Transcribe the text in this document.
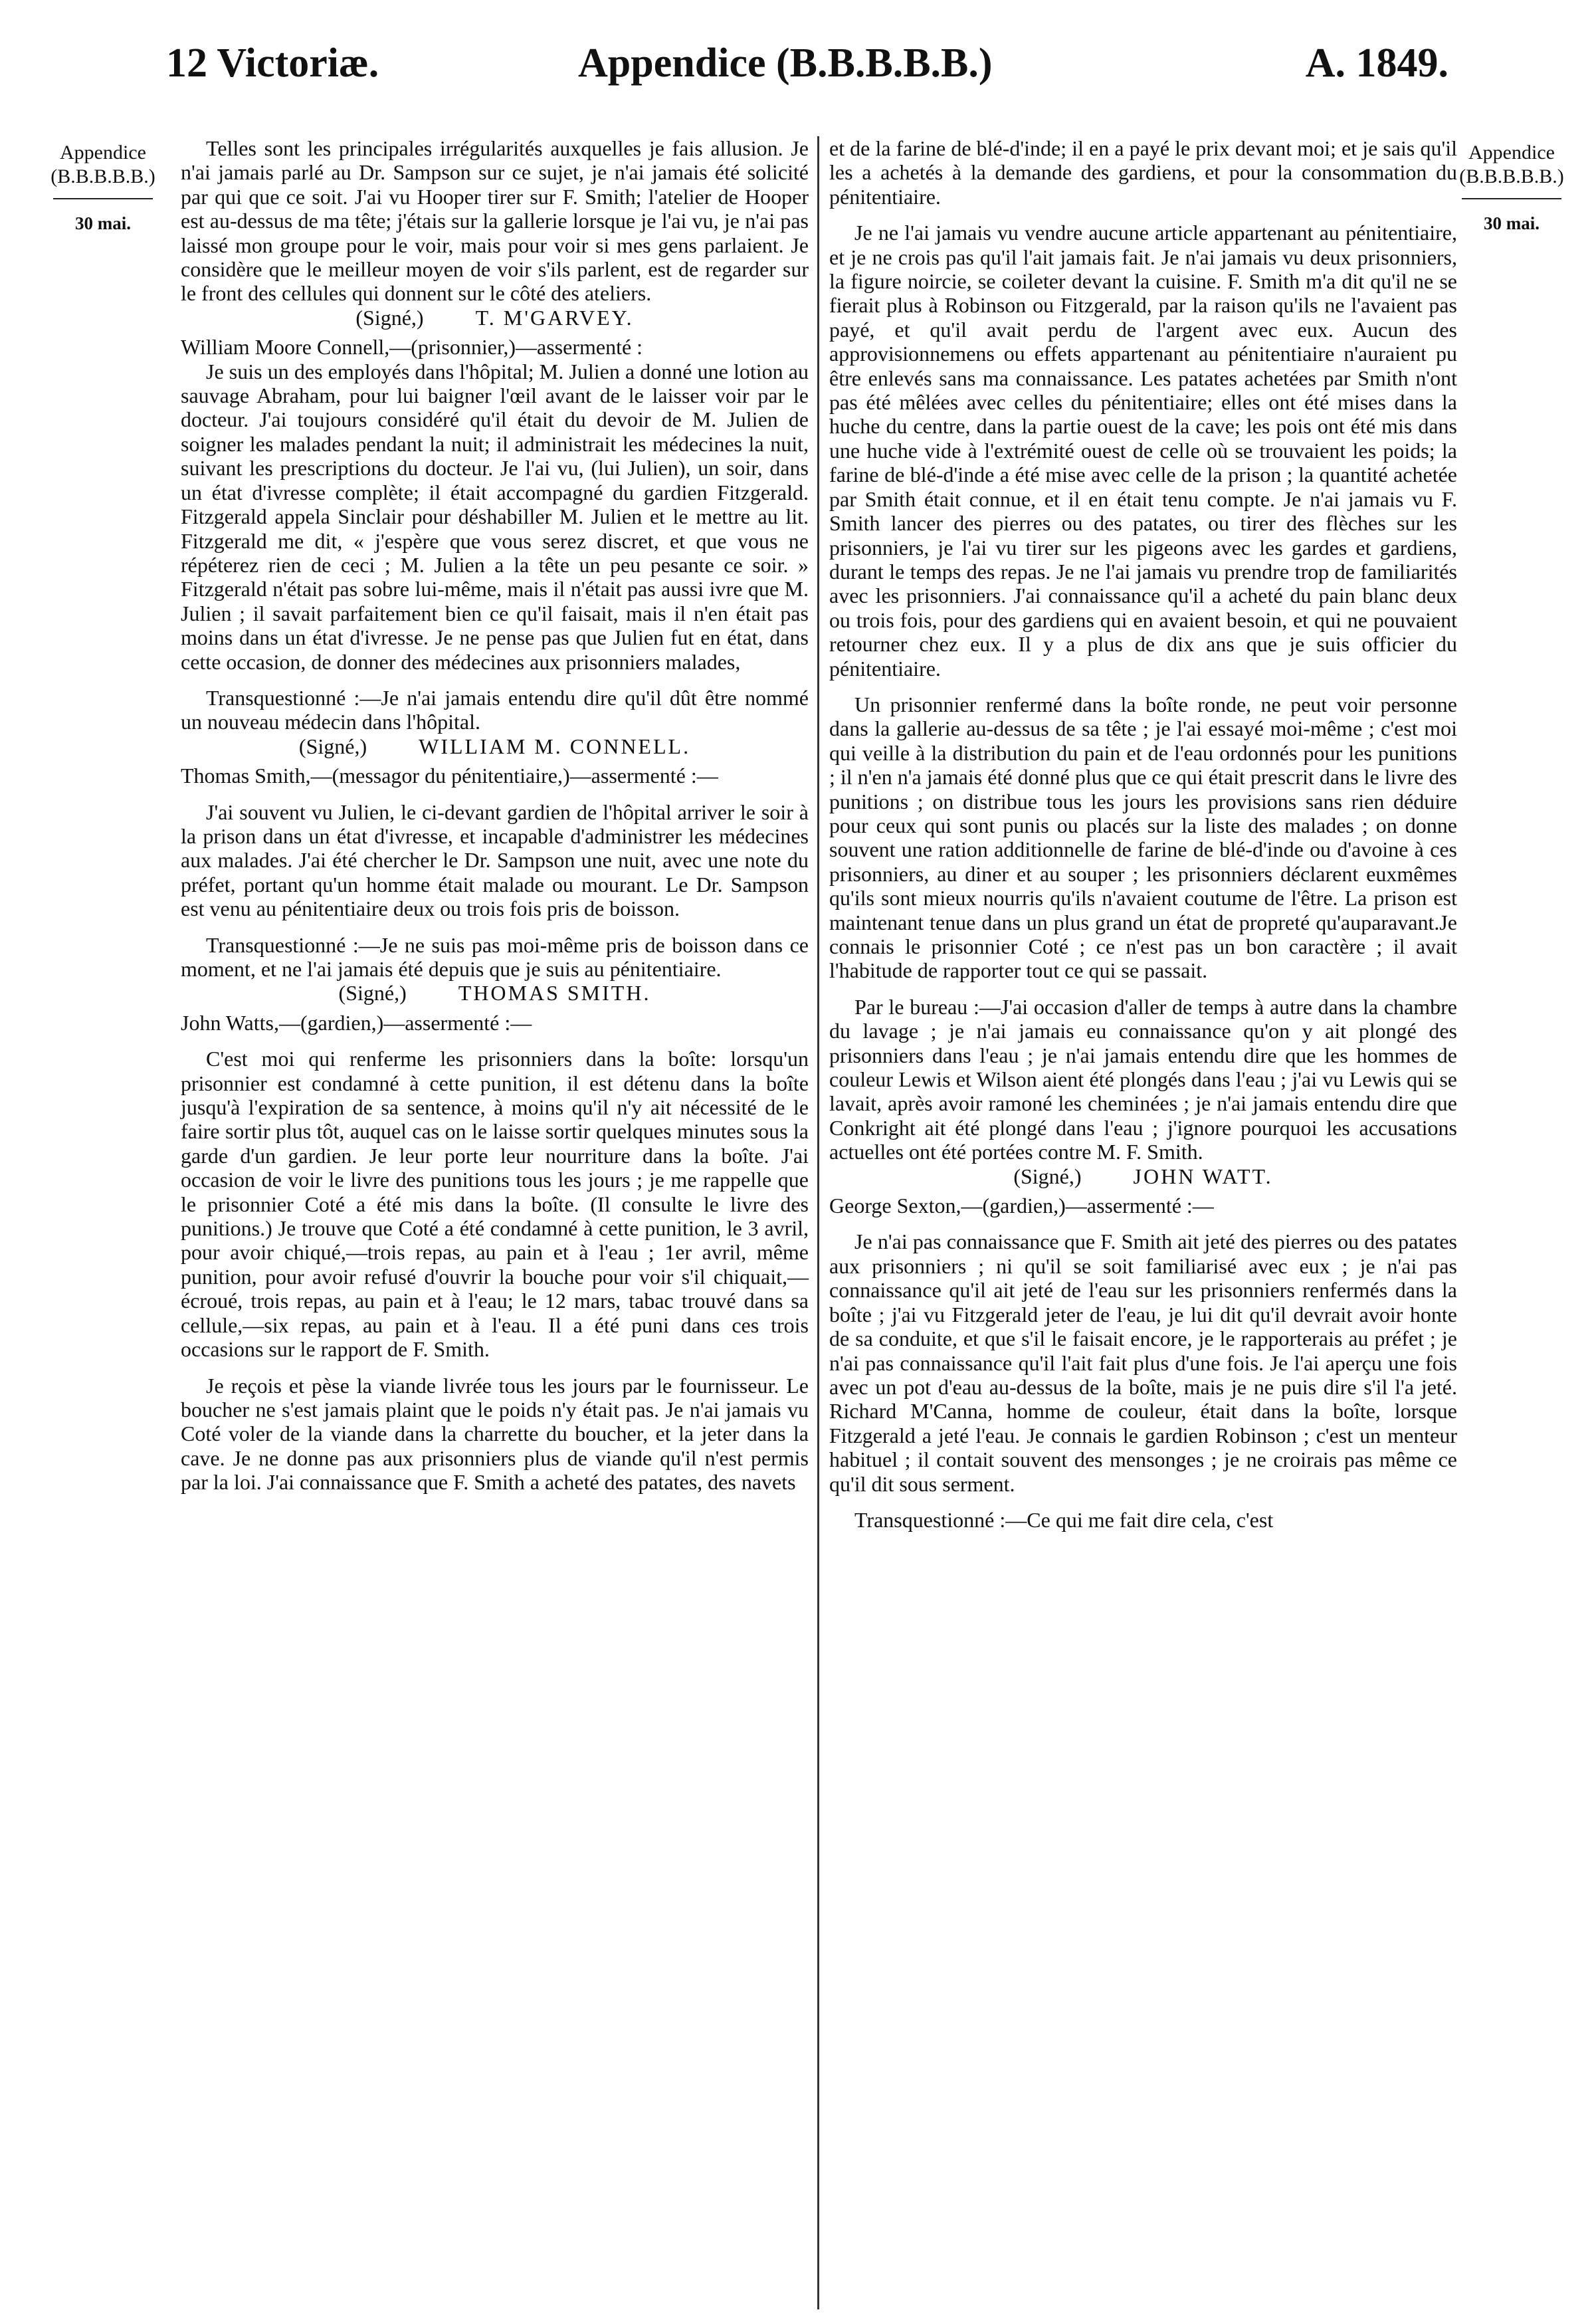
12 Victoriæ.	Appendice (B.B.B.B.B.)	A. 1849.
Appendice
(B.B.B.B.B.)
30 mai.
Appendice
(B.B.B.B.B.)
30 mai.

Telles sont les principales irrégularités auxquelles je fais allusion. Je n'ai jamais parlé au Dr. Sampson sur ce sujet, je n'ai jamais été solicité par qui que ce soit. J'ai vu Hooper tirer sur F. Smith; l'atelier de Hooper est au-dessus de ma tête; j'étais sur la gallerie lorsque je l'ai vu, je n'ai pas laissé mon groupe pour le voir, mais pour voir si mes gens parlaient. Je considère que le meilleur moyen de voir s'ils parlent, est de regarder sur le front des cellules qui donnent sur le côté des ateliers.

(Signé,) T. M'GARVEY.

William Moore Connell,—(prisonnier,)—assermenté :

Je suis un des employés dans l'hôpital; M. Julien a donné une lotion au sauvage Abraham, pour lui baigner l'œil avant de le laisser voir par le docteur. J'ai toujours considéré qu'il était du devoir de M. Julien de soigner les malades pendant la nuit; il administrait les médecines la nuit, suivant les prescriptions du docteur. Je l'ai vu, (lui Julien), un soir, dans un état d'ivresse complète; il était accompagné du gardien Fitzgerald. Fitzgerald appela Sinclair pour déshabiller M. Julien et le mettre au lit. Fitzgerald me dit, « j'espère que vous serez discret, et que vous ne répéterez rien de ceci ; M. Julien a la tête un peu pesante ce soir. » Fitzgerald n'était pas sobre lui-même, mais il n'était pas aussi ivre que M. Julien ; il savait parfaitement bien ce qu'il faisait, mais il n'en était pas moins dans un état d'ivresse. Je ne pense pas que Julien fut en état, dans cette occasion, de donner des médecines aux prisonniers malades,

Transquestionné :—Je n'ai jamais entendu dire qu'il dût être nommé un nouveau médecin dans l'hôpital.

(Signé,) WILLIAM M. CONNELL.

Thomas Smith,—(messagor du pénitentiaire,)—assermenté :—

J'ai souvent vu Julien, le ci-devant gardien de l'hôpital arriver le soir à la prison dans un état d'ivresse, et incapable d'administrer les médecines aux malades. J'ai été chercher le Dr. Sampson une nuit, avec une note du préfet, portant qu'un homme était malade ou mourant. Le Dr. Sampson est venu au pénitentiaire deux ou trois fois pris de boisson.

Transquestionné :—Je ne suis pas moi-même pris de boisson dans ce moment, et ne l'ai jamais été depuis que je suis au pénitentiaire.

(Signé,) THOMAS SMITH.

John Watts,—(gardien,)—assermenté :—

C'est moi qui renferme les prisonniers dans la boîte: lorsqu'un prisonnier est condamné à cette punition, il est détenu dans la boîte jusqu'à l'expiration de sa sentence, à moins qu'il n'y ait nécessité de le faire sortir plus tôt, auquel cas on le laisse sortir quelques minutes sous la garde d'un gardien. Je leur porte leur nourriture dans la boîte. J'ai occasion de voir le livre des punitions tous les jours ; je me rappelle que le prisonnier Coté a été mis dans la boîte. (Il consulte le livre des punitions.) Je trouve que Coté a été condamné à cette punition, le 3 avril, pour avoir chiqué,—trois repas, au pain et à l'eau ; 1er avril, même punition, pour avoir refusé d'ouvrir la bouche pour voir s'il chiquait,—écroué, trois repas, au pain et à l'eau; le 12 mars, tabac trouvé dans sa cellule,—six repas, au pain et à l'eau. Il a été puni dans ces trois occasions sur le rapport de F. Smith.

Je reçois et pèse la viande livrée tous les jours par le fournisseur. Le boucher ne s'est jamais plaint que le poids n'y était pas. Je n'ai jamais vu Coté voler de la viande dans la charrette du boucher, et la jeter dans la cave. Je ne donne pas aux prisonniers plus de viande qu'il n'est permis par la loi. J'ai connaissance que F. Smith a acheté des patates, des navets

et de la farine de blé-d'inde; il en a payé le prix devant moi; et je sais qu'il les a achetés à la demande des gardiens, et pour la consommation du pénitentiaire.

Je ne l'ai jamais vu vendre aucune article appartenant au pénitentiaire, et je ne crois pas qu'il l'ait jamais fait. Je n'ai jamais vu deux prisonniers, la figure noircie, se coileter devant la cuisine. F. Smith m'a dit qu'il ne se fierait plus à Robinson ou Fitzgerald, par la raison qu'ils ne l'avaient pas payé, et qu'il avait perdu de l'argent avec eux. Aucun des approvisionnemens ou effets appartenant au pénitentiaire n'auraient pu être enlevés sans ma connaissance. Les patates achetées par Smith n'ont pas été mêlées avec celles du pénitentiaire; elles ont été mises dans la huche du centre, dans la partie ouest de la cave; les pois ont été mis dans une huche vide à l'extrémité ouest de celle où se trouvaient les poids; la farine de blé-d'inde a été mise avec celle de la prison ; la quantité achetée par Smith était connue, et il en était tenu compte. Je n'ai jamais vu F. Smith lancer des pierres ou des patates, ou tirer des flèches sur les prisonniers, je l'ai vu tirer sur les pigeons avec les gardes et gardiens, durant le temps des repas. Je ne l'ai jamais vu prendre trop de familiarités avec les prisonniers. J'ai connaissance qu'il a acheté du pain blanc deux ou trois fois, pour des gardiens qui en avaient besoin, et qui ne pouvaient retourner chez eux. Il y a plus de dix ans que je suis officier du pénitentiaire.

Un prisonnier renfermé dans la boîte ronde, ne peut voir personne dans la gallerie au-dessus de sa tête ; je l'ai essayé moi-même ; c'est moi qui veille à la distribution du pain et de l'eau ordonnés pour les punitions ; il n'en n'a jamais été donné plus que ce qui était prescrit dans le livre des punitions ; on distribue tous les jours les provisions sans rien déduire pour ceux qui sont punis ou placés sur la liste des malades ; on donne souvent une ration additionnelle de farine de blé-d'inde ou d'avoine à ces prisonniers, au diner et au souper ; les prisonniers déclarent euxmêmes qu'ils sont mieux nourris qu'ils n'avaient coutume de l'être. La prison est maintenant tenue dans un plus grand un état de propreté qu'auparavant.Je connais le prisonnier Coté ; ce n'est pas un bon caractère ; il avait l'habitude de rapporter tout ce qui se passait.

Par le bureau :—J'ai occasion d'aller de temps à autre dans la chambre du lavage ; je n'ai jamais eu connaissance qu'on y ait plongé des prisonniers dans l'eau ; je n'ai jamais entendu dire que les hommes de couleur Lewis et Wilson aient été plongés dans l'eau ; j'ai vu Lewis qui se lavait, après avoir ramoné les cheminées ; je n'ai jamais entendu dire que Conkright ait été plongé dans l'eau ; j'ignore pourquoi les accusations actuelles ont été portées contre M. F. Smith.

(Signé,) JOHN WATT.

George Sexton,—(gardien,)—assermenté :—

Je n'ai pas connaissance que F. Smith ait jeté des pierres ou des patates aux prisonniers ; ni qu'il se soit familiarisé avec eux ; je n'ai pas connaissance qu'il ait jeté de l'eau sur les prisonniers renfermés dans la boîte ; j'ai vu Fitzgerald jeter de l'eau, je lui dit qu'il devrait avoir honte de sa conduite, et que s'il le faisait encore, je le rapporterais au préfet ; je n'ai pas connaissance qu'il l'ait fait plus d'une fois. Je l'ai aperçu une fois avec un pot d'eau au-dessus de la boîte, mais je ne puis dire s'il l'a jeté. Richard M'Canna, homme de couleur, était dans la boîte, lorsque Fitzgerald a jeté l'eau. Je connais le gardien Robinson ; c'est un menteur habituel ; il contait souvent des mensonges ; je ne croirais pas même ce qu'il dit sous serment.

Transquestionné :—Ce qui me fait dire cela, c'est
